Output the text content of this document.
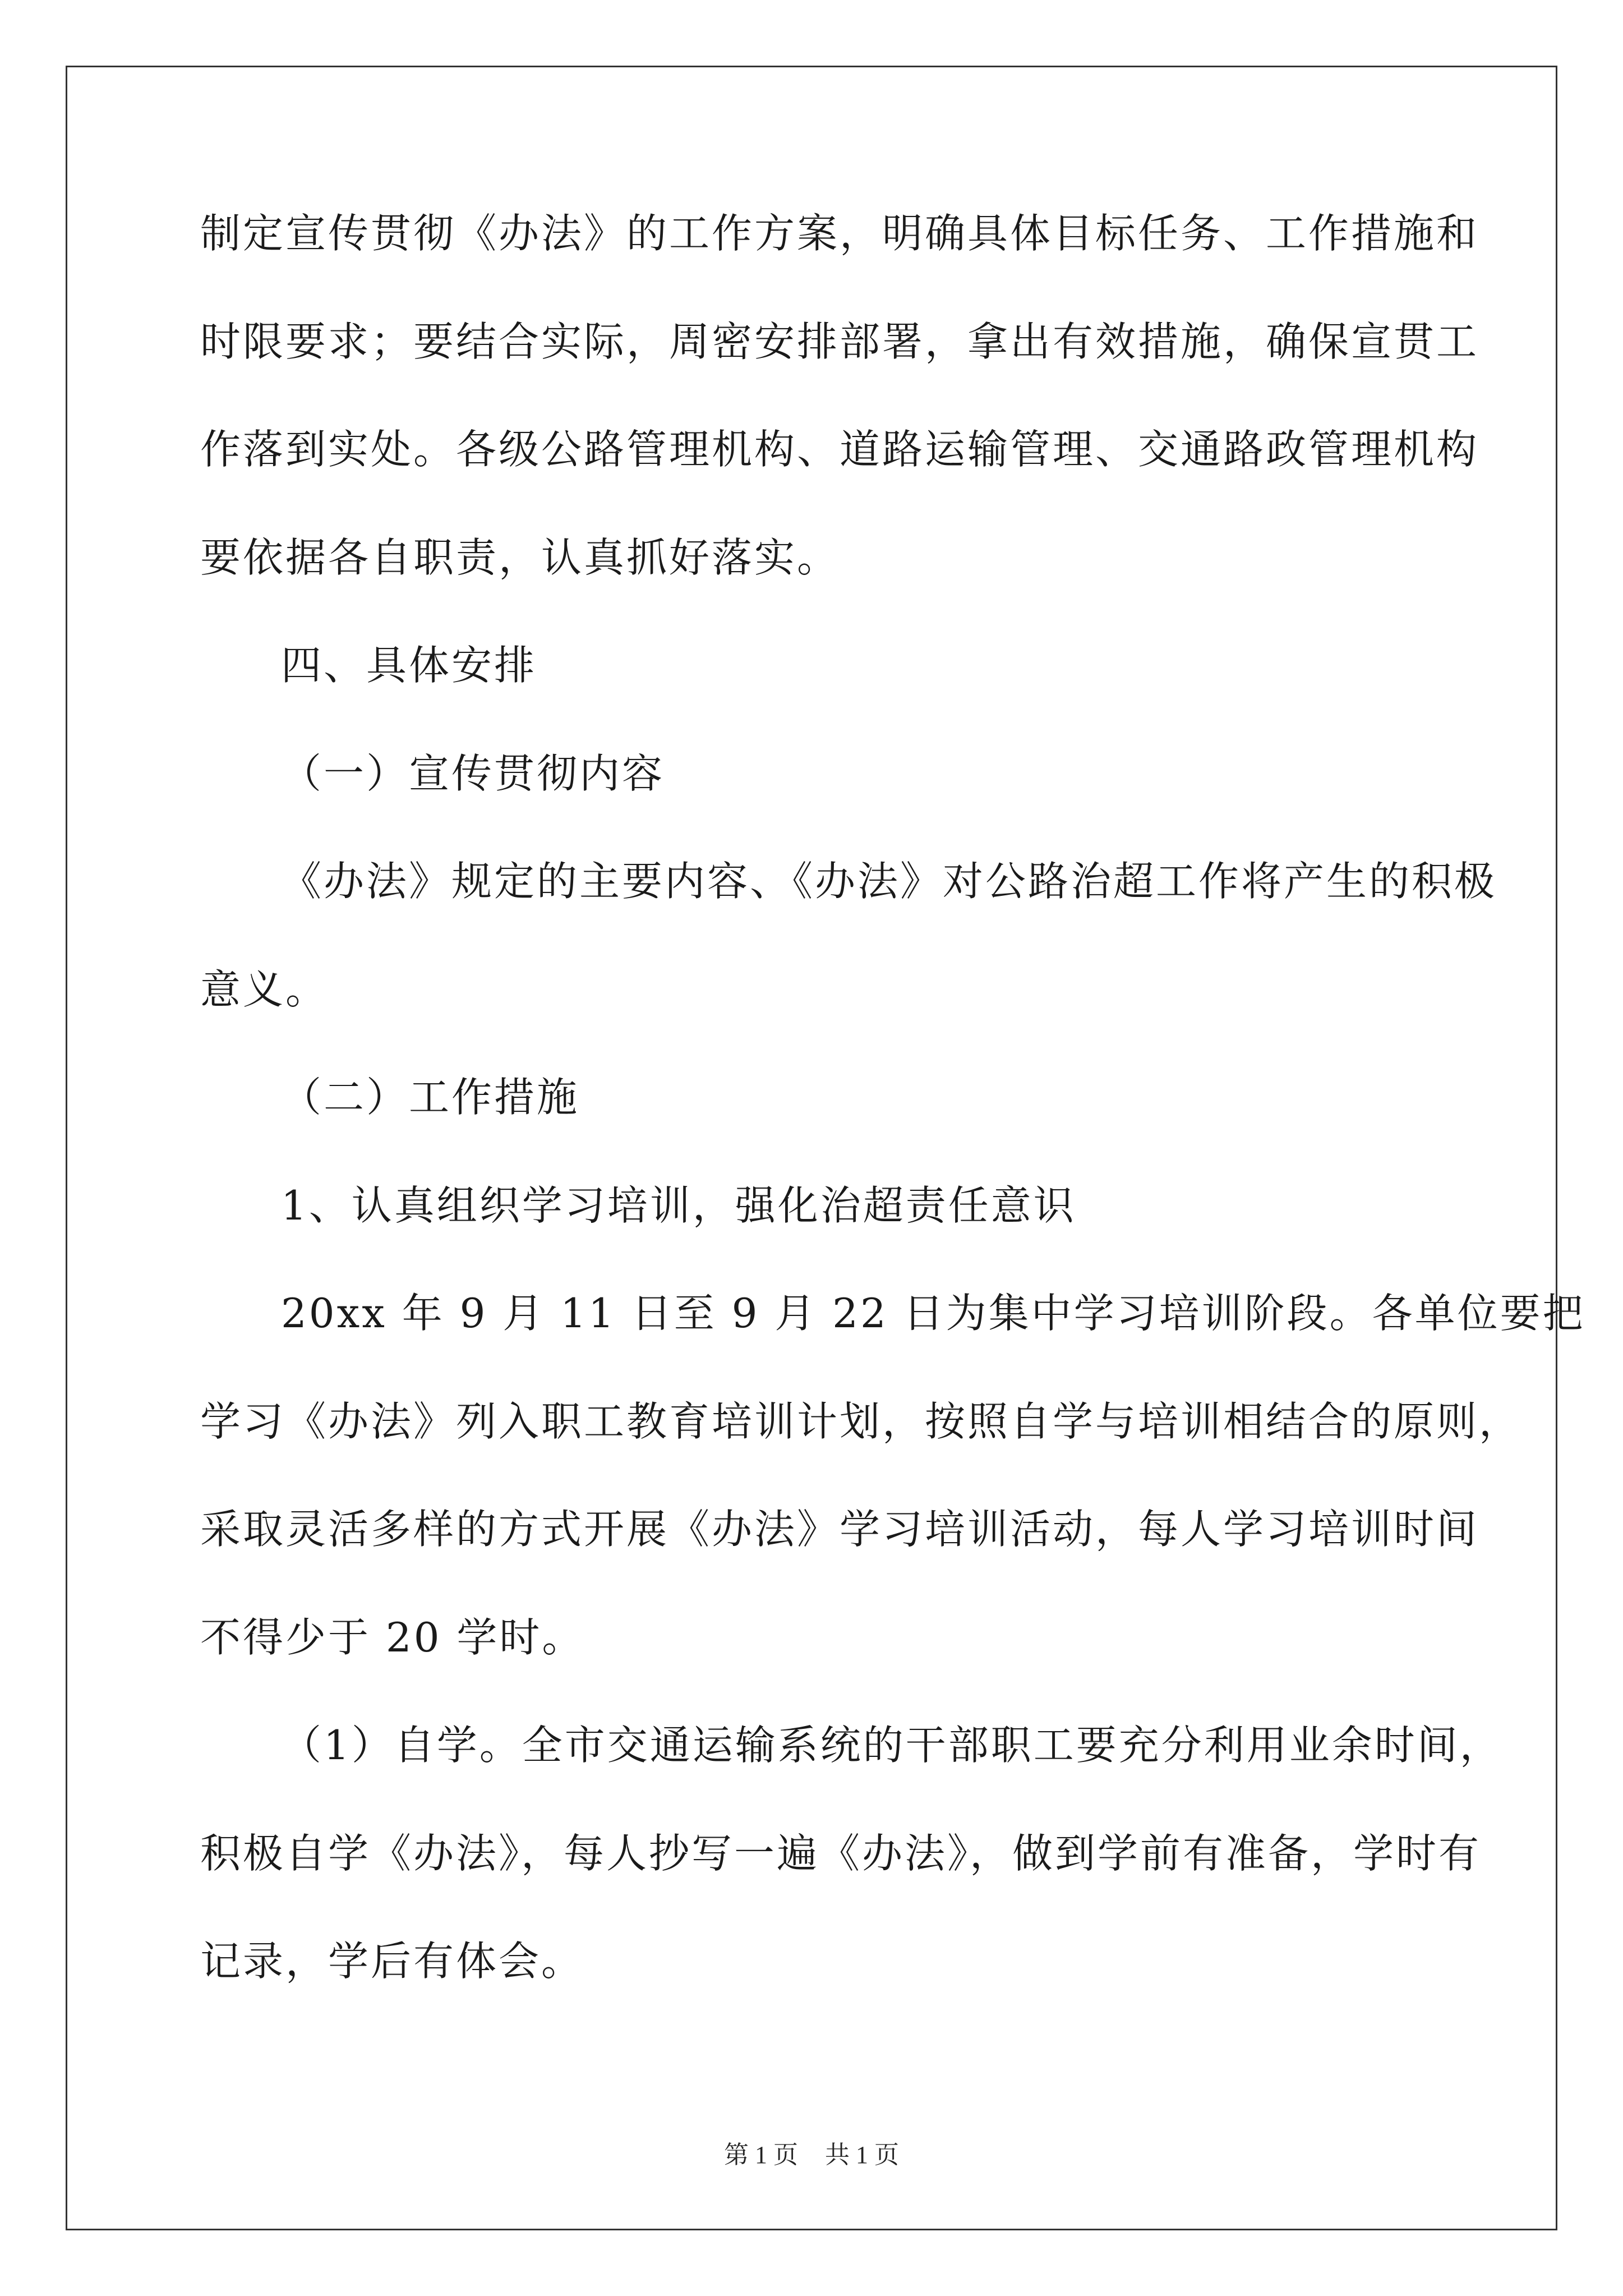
制定宣传贯彻《办法》的工作方案，明确具体目标任务、工作措施和
时限要求；要结合实际，周密安排部署，拿出有效措施，确保宣贯工
作落到实处。各级公路管理机构、道路运输管理、交通路政管理机构
要依据各自职责，认真抓好落实。
四、具体安排
（一）宣传贯彻内容
《办法》规定的主要内容、《办法》对公路治超工作将产生的积极
意义。
（二）工作措施
1、认真组织学习培训，强化治超责任意识
20xx 年 9 月 11 日至 9 月 22 日为集中学习培训阶段。各单位要把
学习《办法》列入职工教育培训计划，按照自学与培训相结合的原则，
采取灵活多样的方式开展《办法》学习培训活动，每人学习培训时间
不得少于 20 学时。
（1）自学。全市交通运输系统的干部职工要充分利用业余时间，
积极自学《办法》，每人抄写一遍《办法》，做到学前有准备，学时有
记录，学后有体会。
第 1 页 共 1 页
